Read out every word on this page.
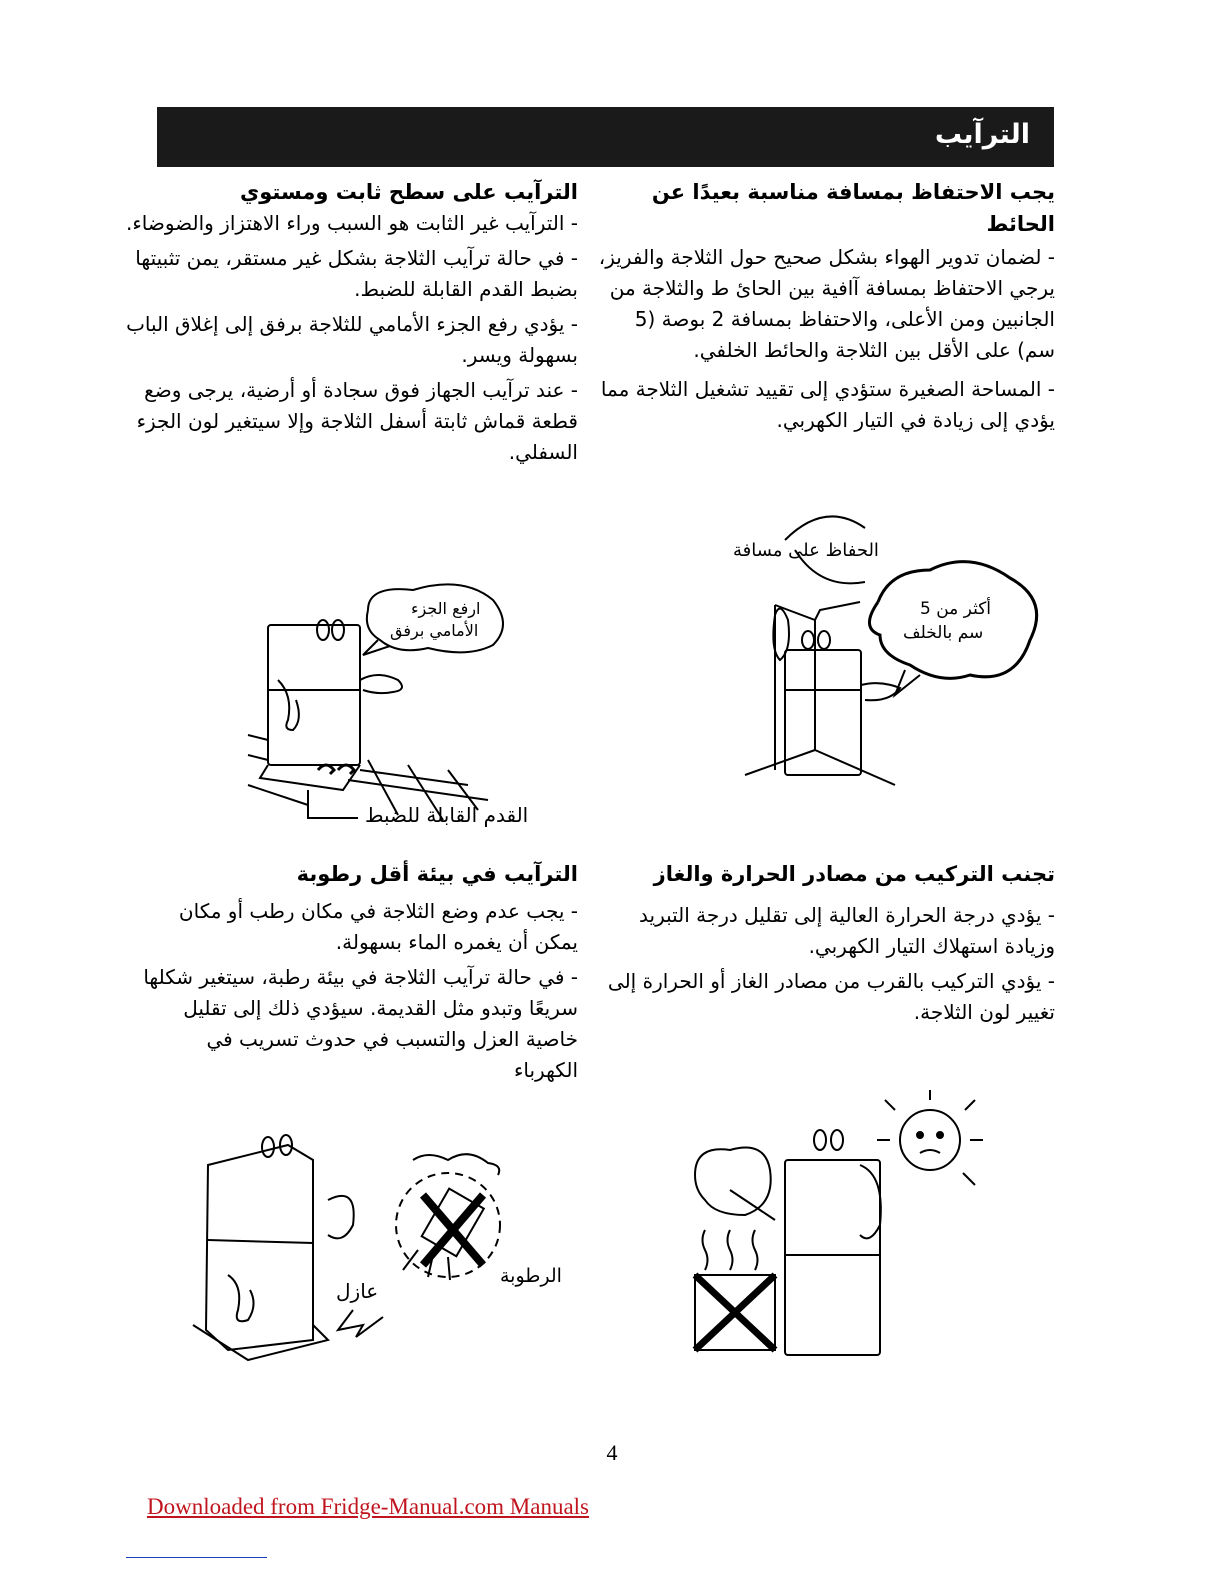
الترآيب

يجب الاحتفاظ بمسافة مناسبة بعيدًا عن الحائط

- لضمان تدوير الهواء بشكل صحيح حول الثلاجة والفريز، يرجي الاحتفاظ بمسافة آافية بين الحائ ط والثلاجة من الجانبين ومن الأعلى، والاحتفاظ بمسافة 2 بوصة (5 سم) على الأقل بين الثلاجة والحائط الخلفي.

- المساحة الصغيرة ستؤدي إلى تقييد تشغيل الثلاجة مما يؤدي إلى زيادة في التيار الكهربي.

الترآيب على سطح ثابت ومستوي

- الترآيب غير الثابت هو السبب وراء الاهتزاز والضوضاء.

- في حالة ترآيب الثلاجة بشكل غير مستقر، يمن تثبيتها بضبط القدم القابلة للضبط.

- يؤدي رفع الجزء الأمامي للثلاجة برفق إلى إغلاق الباب بسهولة ويسر.

- عند ترآيب الجهاز فوق سجادة أو أرضية، يرجى وضع قطعة قماش ثابتة أسفل الثلاجة وإلا سيتغير لون الجزء السفلي.

الحفاظ على مسافة
أكثر من 5
سم بالخلف
ارفع الجزء
الأمامي برفق
القدم القابلة للضبط

تجنب التركيب من مصادر الحرارة والغاز

- يؤدي درجة الحرارة العالية إلى تقليل درجة التبريد وزيادة استهلاك التيار الكهربي.

- يؤدي التركيب بالقرب من مصادر الغاز أو الحرارة إلى تغيير لون الثلاجة.

الترآيب في بيئة أقل رطوبة

- يجب عدم وضع الثلاجة في مكان رطب أو مكان يمكن أن يغمره الماء بسهولة.

- في حالة ترآيب الثلاجة في بيئة رطبة، سيتغير شكلها سريعًا وتبدو مثل القديمة. سيؤدي ذلك إلى تقليل خاصية العزل والتسبب في حدوث تسريب في الكهرباء

عازل
الرطوبة
4
Downloaded from Fridge-Manual.com Manuals
